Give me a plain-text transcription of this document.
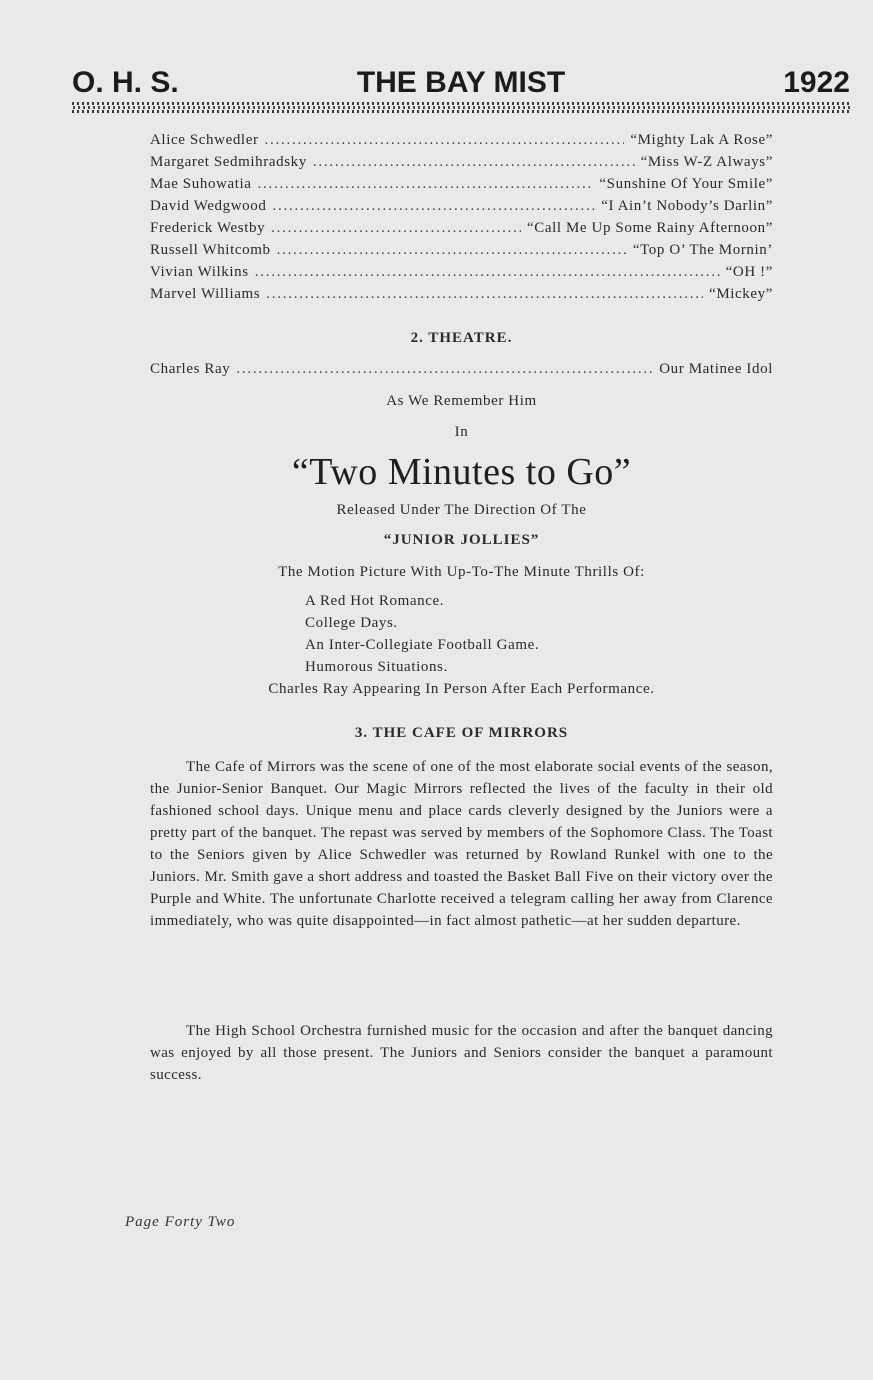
O. H. S.	THE BAY MIST	1922
Alice Schwedler . . .	“Mighty Lak A Rose”
Margaret Sedmihradsky . . .	“Miss W-Z Always”
Mae Suhowatia . . .	“Sunshine Of Your Smile”
David Wedgwood . . .	“I Ain’t Nobody’s Darlin”
Frederick Westby . . .	“Call Me Up Some Rainy Afternoon”
Russell Whitcomb . . .	“Top O’ The Mornin’
Vivian Wilkins . . .	“OH !”
Marvel Williams . . .	“Mickey”
2. THEATRE.
Charles Ray . . .	Our Matinee Idol
As We Remember Him
In
“Two Minutes to Go”
Released Under The Direction Of The
“JUNIOR JOLLIES”
The Motion Picture With Up-To-The Minute Thrills Of:
A Red Hot Romance.
College Days.
An Inter-Collegiate Football Game.
Humorous Situations.
Charles Ray Appearing In Person After Each Performance.
3. THE CAFE OF MIRRORS
The Cafe of Mirrors was the scene of one of the most elaborate social events of the season, the Junior-Senior Banquet. Our Magic Mirrors reflected the lives of the faculty in their old fashioned school days. Unique menu and place cards cleverly designed by the Juniors were a pretty part of the banquet. The repast was served by members of the Sophomore Class. The Toast to the Seniors given by Alice Schwedler was returned by Rowland Runkel with one to the Juniors. Mr. Smith gave a short address and toasted the Basket Ball Five on their victory over the Purple and White. The unfortunate Charlotte received a telegram calling her away from Clarence immediately, who was quite disappointed—in fact almost pathetic—at her sudden departure.
The High School Orchestra furnished music for the occasion and after the banquet dancing was enjoyed by all those present. The Juniors and Seniors consider the banquet a paramount success.
Page Forty Two
